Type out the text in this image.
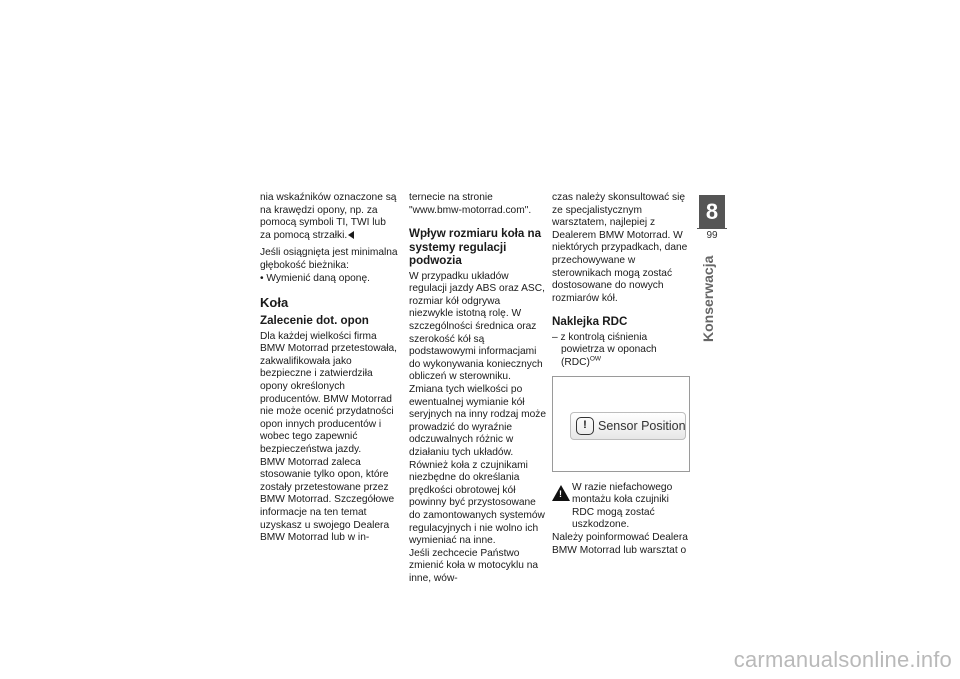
nia wskaźników oznaczone są na krawędzi opony, np. za pomocą symboli TI, TWI lub za pomocą strzałki.

Jeśli osiągnięta jest minimalna głębokość bieżnika:

• Wymienić daną oponę.

Koła
Zalecenie dot. opon

Dla każdej wielkości firma BMW Motorrad przetestowała, zakwalifikowała jako bezpieczne i zatwierdziła opony określonych producentów. BMW Motorrad nie może ocenić przydatności opon innych producentów i wobec tego zapewnić bezpieczeństwa jazdy.

BMW Motorrad zaleca stosowanie tylko opon, które zostały przetestowane przez BMW Motorrad. Szczegółowe informacje na ten temat uzyskasz u swojego Dealera BMW Motorrad lub w in-

ternecie na stronie "www.bmw-motorrad.com".

Wpływ rozmiaru koła na systemy regulacji podwozia

W przypadku układów regulacji jazdy ABS oraz ASC, rozmiar kół odgrywa niezwykle istotną rolę. W szczególności średnica oraz szerokość kół są podstawowymi informacjami do wykonywania koniecznych obliczeń w sterowniku. Zmiana tych wielkości po ewentualnej wymianie kół seryjnych na inny rodzaj może prowadzić do wyraźnie odczuwalnych różnic w działaniu tych układów.

Również koła z czujnikami niezbędne do określania prędkości obrotowej kół powinny być przystosowane do zamontowanych systemów regulacyjnych i nie wolno ich wymieniać na inne.

Jeśli zechcecie Państwo zmienić koła w motocyklu na inne, wów-

czas należy skonsultować się ze specjalistycznym warsztatem, najlepiej z Dealerem BMW Motorrad. W niektórych przypadkach, dane przechowywane w sterownikach mogą zostać dostosowane do nowych rozmiarów kół.

Naklejka RDC

– z kontrolą ciśnienia powietrza w oponach (RDC)$^{OW}$

! Sensor Position
!

W razie niefachowego montażu koła czujniki RDC mogą zostać uszkodzone.

Należy poinformować Dealera BMW Motorrad lub warsztat o

8
99
Konserwacja
carmanualsonline.info
